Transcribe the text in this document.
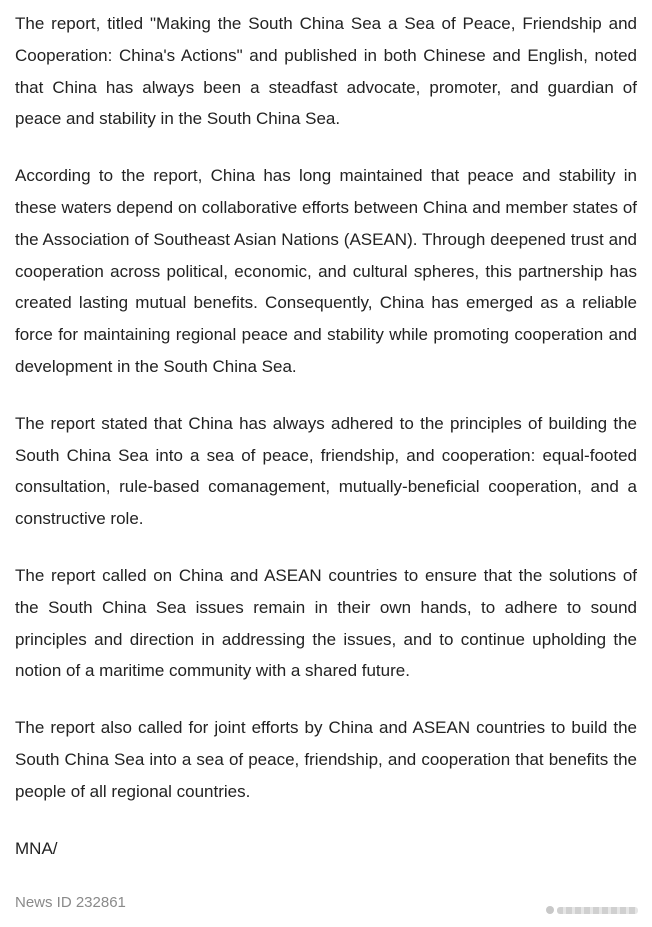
The report, titled "Making the South China Sea a Sea of Peace, Friendship and Cooperation: China's Actions" and published in both Chinese and English, noted that China has always been a steadfast advocate, promoter, and guardian of peace and stability in the South China Sea.

According to the report, China has long maintained that peace and stability in these waters depend on collaborative efforts between China and member states of the Association of Southeast Asian Nations (ASEAN). Through deepened trust and cooperation across political, economic, and cultural spheres, this partnership has created lasting mutual benefits. Consequently, China has emerged as a reliable force for maintaining regional peace and stability while promoting cooperation and development in the South China Sea.

The report stated that China has always adhered to the principles of building the South China Sea into a sea of peace, friendship, and cooperation: equal-footed consultation, rule-based comanagement, mutually-beneficial cooperation, and a constructive role.

The report called on China and ASEAN countries to ensure that the solutions of the South China Sea issues remain in their own hands, to adhere to sound principles and direction in addressing the issues, and to continue upholding the notion of a maritime community with a shared future.

The report also called for joint efforts by China and ASEAN countries to build the South China Sea into a sea of peace, friendship, and cooperation that benefits the people of all regional countries.

MNA/

News ID 232861
